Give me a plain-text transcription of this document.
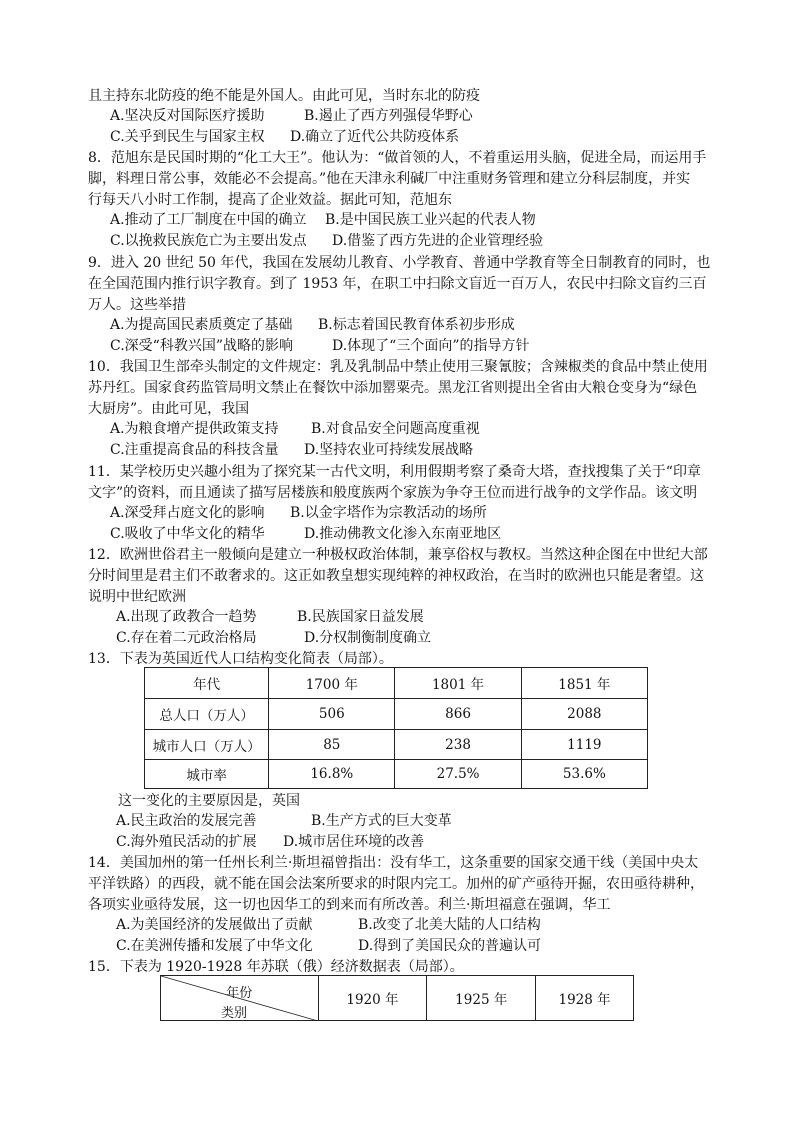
且主持东北防疫的绝不能是外国人。由此可见，当时东北的防疫
A.坚决反对国际医疗援助	B.遏止了西方列强侵华野心
C.关乎到民生与国家主权 D.确立了近代公共防疫体系
8．范旭东是民国时期的“化工大王”。他认为：“做首领的人，不着重运用头脑，促进全局，而运用手
脚，料理日常公事，效能必不会提高。”他在天津永利碱厂中注重财务管理和建立分科层制度，并实
行每天八小时工作制，提高了企业效益。据此可知，范旭东
A.推动了工厂制度在中国的确立 B.是中国民族工业兴起的代表人物
C.以挽救民族危亡为主要出发点 D.借鉴了西方先进的企业管理经验
9．进入 20 世纪 50 年代，我国在发展幼儿教育、小学教育、普通中学教育等全日制教育的同时，也
在全国范围内推行识字教育。到了 1953 年，在职工中扫除文盲近一百万人，农民中扫除文盲约三百
万人。这些举措
A.为提高国民素质奠定了基础 B.标志着国民教育体系初步形成
C.深受“科教兴国”战略的影响	D.体现了“三个面向”的指导方针
10．我国卫生部牵头制定的文件规定：乳及乳制品中禁止使用三聚氰胺；含辣椒类的食品中禁止使用
苏丹红。国家食药监管局明文禁止在餐饮中添加罂粟壳。黑龙江省则提出全省由大粮仓变身为“绿色
大厨房”。由此可见，我国
A.为粮食增产提供政策支持 B.对食品安全问题高度重视
C.注重提高食品的科技含量 D.坚持农业可持续发展战略
11．某学校历史兴趣小组为了探究某一古代文明，利用假期考察了桑奇大塔，查找搜集了关于“印章
文字”的资料，而且通读了描写居楼族和般度族两个家族为争夺王位而进行战争的文学作品。该文明
A.深受拜占庭文化的影响 B.以金字塔作为宗教活动的场所
C.吸收了中华文化的精华	D.推动佛教文化渗入东南亚地区
12．欧洲世俗君主一般倾向是建立一种极权政治体制，兼享俗权与教权。当然这种企图在中世纪大部
分时间里是君主们不敢奢求的。这正如教皇想实现纯粹的神权政治，在当时的欧洲也只能是奢望。这
说明中世纪欧洲
A.出现了政教合一趋势	B.民族国家日益发展
C.存在着二元政治格局	D.分权制衡制度确立
13．下表为英国近代人口结构变化简表（局部）。
年代	1700 年	1801 年	1851 年
总人口（万人）	506	866	2088
城市人口（万人）	85	238	1119
城市率	16.8%	27.5%	53.6%
这一变化的主要原因是，英国
A.民主政治的发展完善	B.生产方式的巨大变革
C.海外殖民活动的扩展 D.城市居住环境的改善
14．美国加州的第一任州长利兰·斯坦福曾指出：没有华工，这条重要的国家交通干线（美国中央太
平洋铁路）的西段，就不能在国会法案所要求的时限内完工。加州的矿产亟待开掘，农田亟待耕种，
各项实业亟待发展，这一切也因华工的到来而有所改善。利兰·斯坦福意在强调，华工
A.为美国经济的发展做出了贡献	B.改变了北美大陆的人口结构
C.在美洲传播和发展了中华文化	D.得到了美国民众的普遍认可
15．下表为 1920-1928 年苏联（俄）经济数据表（局部）。
年份
类别
	1920 年	1925 年	1928 年
